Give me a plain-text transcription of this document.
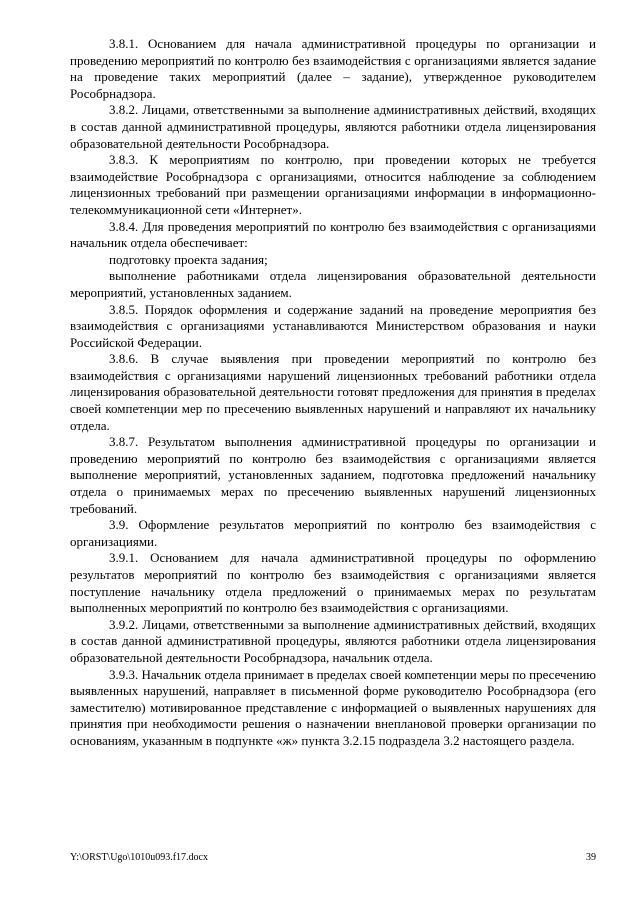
3.8.1. Основанием для начала административной процедуры по организации и проведению мероприятий по контролю без взаимодействия с организациями является задание на проведение таких мероприятий (далее – задание), утвержденное руководителем Рособрнадзора.

3.8.2. Лицами, ответственными за выполнение административных действий, входящих в состав данной административной процедуры, являются работники отдела лицензирования образовательной деятельности Рособрнадзора.

3.8.3. К мероприятиям по контролю, при проведении которых не требуется взаимодействие Рособрнадзора с организациями, относится наблюдение за соблюдением лицензионных требований при размещении организациями информации в информационно-телекоммуникационной сети «Интернет».

3.8.4. Для проведения мероприятий по контролю без взаимодействия с организациями начальник отдела обеспечивает:

подготовку проекта задания;

выполнение работниками отдела лицензирования образовательной деятельности мероприятий, установленных заданием.

3.8.5. Порядок оформления и содержание заданий на проведение мероприятия без взаимодействия с организациями устанавливаются Министерством образования и науки Российской Федерации.

3.8.6. В случае выявления при проведении мероприятий по контролю без взаимодействия с организациями нарушений лицензионных требований работники отдела лицензирования образовательной деятельности готовят предложения для принятия в пределах своей компетенции мер по пресечению выявленных нарушений и направляют их начальнику отдела.

3.8.7. Результатом выполнения административной процедуры по организации и проведению мероприятий по контролю без взаимодействия с организациями является выполнение мероприятий, установленных заданием, подготовка предложений начальнику отдела о принимаемых мерах по пресечению выявленных нарушений лицензионных требований.

3.9. Оформление результатов мероприятий по контролю без взаимодействия с организациями.

3.9.1. Основанием для начала административной процедуры по оформлению результатов мероприятий по контролю без взаимодействия с организациями является поступление начальнику отдела предложений о принимаемых мерах по результатам выполненных мероприятий по контролю без взаимодействия с организациями.

3.9.2. Лицами, ответственными за выполнение административных действий, входящих в состав данной административной процедуры, являются работники отдела лицензирования образовательной деятельности Рособрнадзора, начальник отдела.

3.9.3. Начальник отдела принимает в пределах своей компетенции меры по пресечению выявленных нарушений, направляет в письменной форме руководителю Рособрнадзора (его заместителю) мотивированное представление с информацией о выявленных нарушениях для принятия при необходимости решения о назначении внеплановой проверки организации по основаниям, указанным в подпункте «ж» пункта 3.2.15 подраздела 3.2 настоящего раздела.

Y:\ORST\Ugo\1010u093.f17.docx	39
